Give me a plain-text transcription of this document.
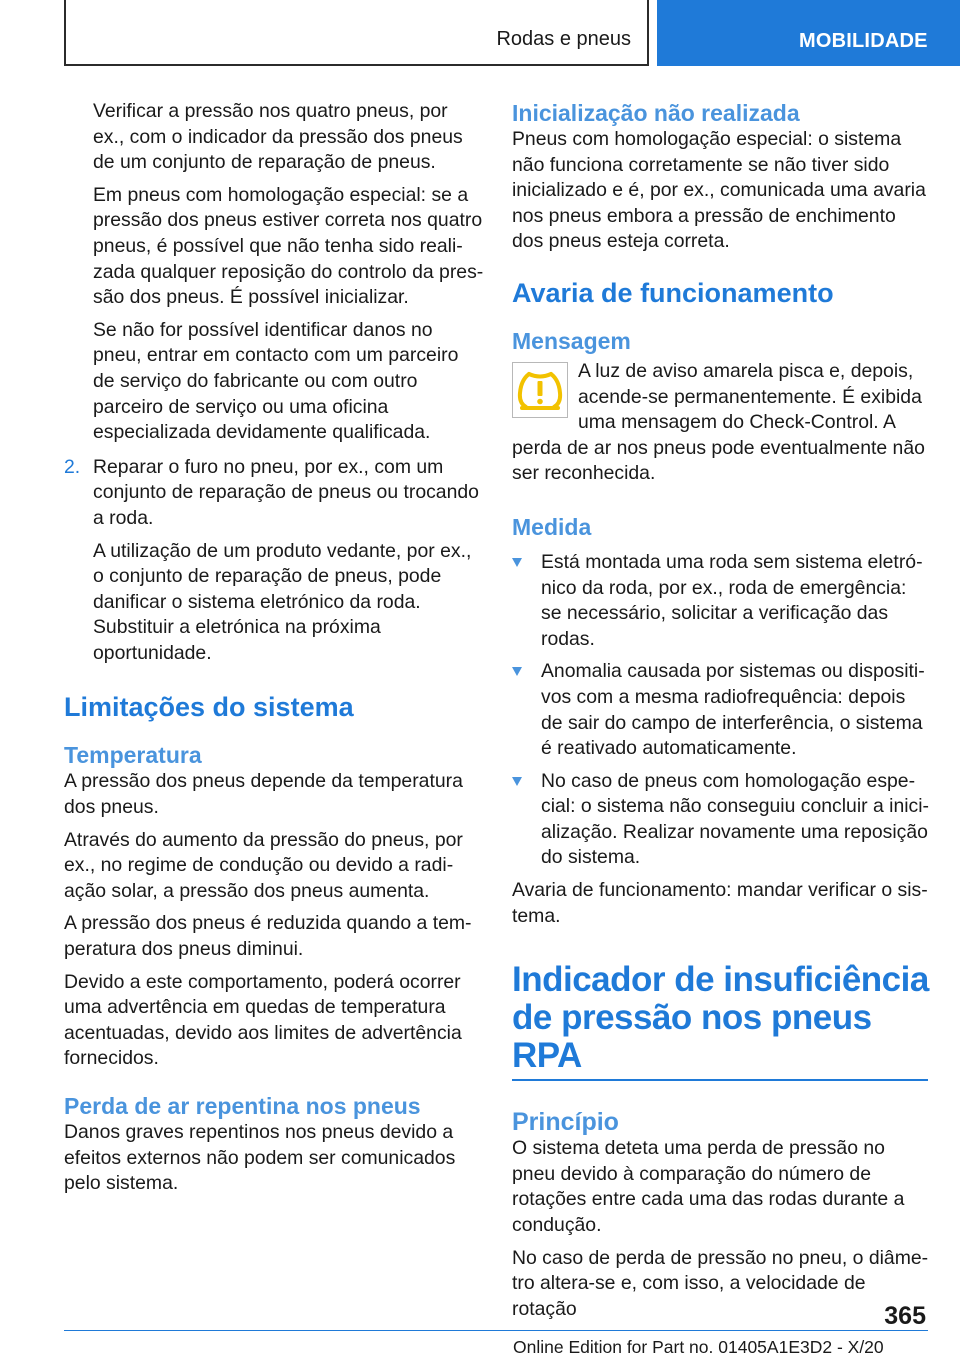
Rodas e pneus	MOBILIDADE

Verificar a pressão nos quatro pneus, por ex., com o indicador da pressão dos pneus de um conjunto de reparação de pneus.

Em pneus com homologação especial: se a pressão dos pneus estiver correta nos quatro pneus, é possível que não tenha sido realizada qualquer reposição do controlo da pressão dos pneus. É possível inicializar.

Se não for possível identificar danos no pneu, entrar em contacto com um parceiro de serviço do fabricante ou com outro parceiro de serviço ou uma oficina especializada devidamente qualificada.

2. Reparar o furo no pneu, por ex., com um conjunto de reparação de pneus ou trocando a roda.

A utilização de um produto vedante, por ex., o conjunto de reparação de pneus, pode danificar o sistema eletrónico da roda. Substituir a eletrónica na próxima oportunidade.

Limitações do sistema
Temperatura

A pressão dos pneus depende da temperatura dos pneus.

Através do aumento da pressão do pneus, por ex., no regime de condução ou devido a radiação solar, a pressão dos pneus aumenta.

A pressão dos pneus é reduzida quando a temperatura dos pneus diminui.

Devido a este comportamento, poderá ocorrer uma advertência em quedas de temperatura acentuadas, devido aos limites de advertência fornecidos.

Perda de ar repentina nos pneus

Danos graves repentinos nos pneus devido a efeitos externos não podem ser comunicados pelo sistema.

Inicialização não realizada

Pneus com homologação especial: o sistema não funciona corretamente se não tiver sido inicializado e é, por ex., comunicada uma avaria nos pneus embora a pressão de enchimento dos pneus esteja correta.

Avaria de funcionamento
Mensagem

A luz de aviso amarela pisca e, depois, acende-se permanentemente. É exibida uma mensagem do Check-Control. A perda de ar nos pneus pode eventualmente não ser reconhecida.

Medida
Está montada uma roda sem sistema eletrónico da roda, por ex., roda de emergência: se necessário, solicitar a verificação das rodas.
Anomalia causada por sistemas ou dispositivos com a mesma radiofrequência: depois de sair do campo de interferência, o sistema é reativado automaticamente.
No caso de pneus com homologação especial: o sistema não conseguiu concluir a inicialização. Realizar novamente uma reposição do sistema.

Avaria de funcionamento: mandar verificar o sistema.

Indicador de insuficiência de pressão nos pneus RPA
Princípio

O sistema deteta uma perda de pressão no pneu devido à comparação do número de rotações entre cada uma das rodas durante a condução.

No caso de perda de pressão no pneu, o diâmetro altera-se e, com isso, a velocidade de rotação	365
Online Edition for Part no. 01405A1E3D2 - X/20
